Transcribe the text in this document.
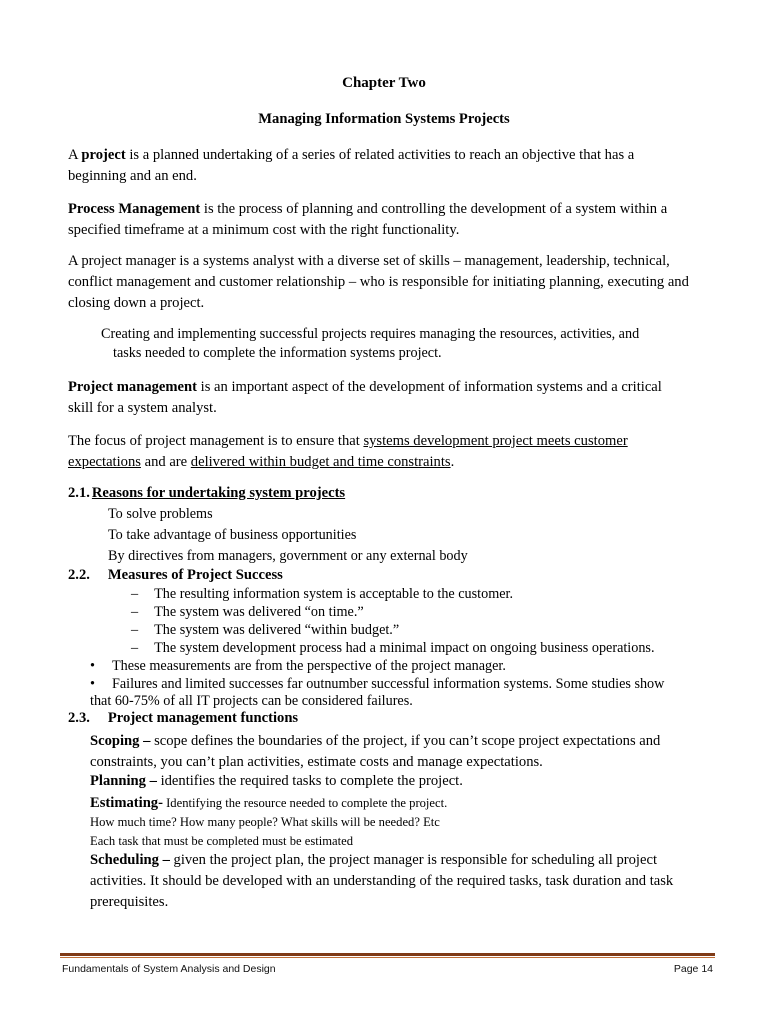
Chapter Two
Managing Information Systems Projects
A project is a planned undertaking of a series of related activities to reach an objective that has a
beginning and an end.
Process Management is the process of planning and controlling the development of a system within a
specified timeframe at a minimum cost with the right functionality.
A project manager is a systems analyst with a diverse set of skills – management, leadership, technical,
conflict management and customer relationship – who is responsible for initiating planning, executing and
closing down a project.
Creating and implementing successful projects requires managing the resources, activities, and
tasks needed to complete the information systems project.
Project management is an important aspect of the development of information systems and a critical
skill for a system analyst.
The focus of project management is to ensure that systems development project meets customer
expectations and are delivered within budget and time constraints.
2.1. Reasons for undertaking system projects
To solve problems
To take advantage of business opportunities
By directives from managers, government or any external body
2.2. Measures of Project Success
– The resulting information system is acceptable to the customer.
– The system was delivered “on time.”
– The system was delivered “within budget.”
– The system development process had a minimal impact on ongoing business operations.
• These measurements are from the perspective of the project manager.
• Failures and limited successes far outnumber successful information systems. Some studies show
that 60-75% of all IT projects can be considered failures.
2.3. Project management functions
Scoping – scope defines the boundaries of the project, if you can’t scope project expectations and
constraints, you can’t plan activities, estimate costs and manage expectations.
Planning – identifies the required tasks to complete the project.
Estimating- Identifying the resource needed to complete the project.
How much time? How many people? What skills will be needed? Etc
Each task that must be completed must be estimated
Scheduling – given the project plan, the project manager is responsible for scheduling all project
activities. It should be developed with an understanding of the required tasks, task duration and task
prerequisites.
Fundamentals of System Analysis and Design	Page 14
